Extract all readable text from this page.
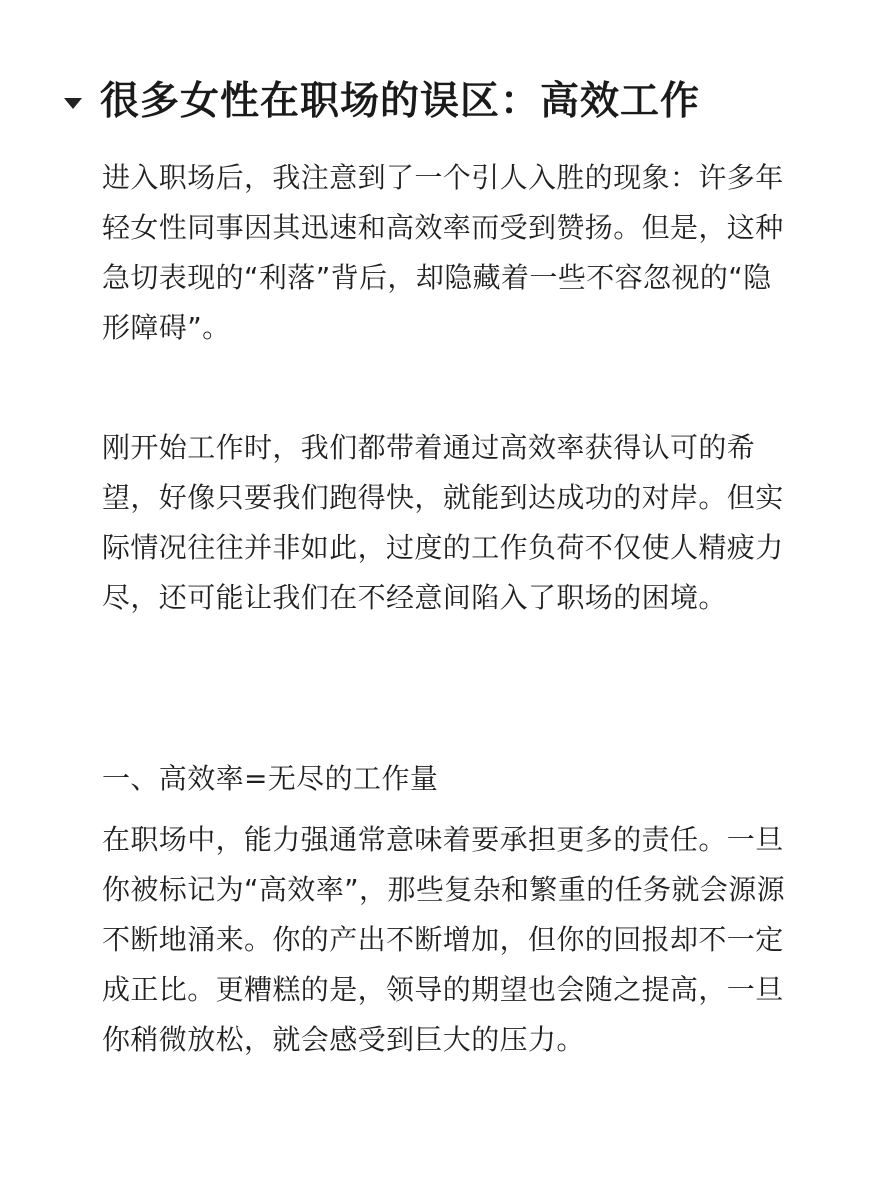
很多女性在职场的误区：高效工作

进入职场后，我注意到了一个引人入胜的现象：许多年轻女性同事因其迅速和高效率而受到赞扬。但是，这种急切表现的“利落”背后，却隐藏着一些不容忽视的“隐形障碍”。

刚开始工作时，我们都带着通过高效率获得认可的希望，好像只要我们跑得快，就能到达成功的对岸。但实际情况往往并非如此，过度的工作负荷不仅使人精疲力尽，还可能让我们在不经意间陷入了职场的困境。

一、高效率=无尽的工作量

在职场中，能力强通常意味着要承担更多的责任。一旦你被标记为“高效率”，那些复杂和繁重的任务就会源源不断地涌来。你的产出不断增加，但你的回报却不一定成正比。更糟糕的是，领导的期望也会随之提高，一旦你稍微放松，就会感受到巨大的压力。
